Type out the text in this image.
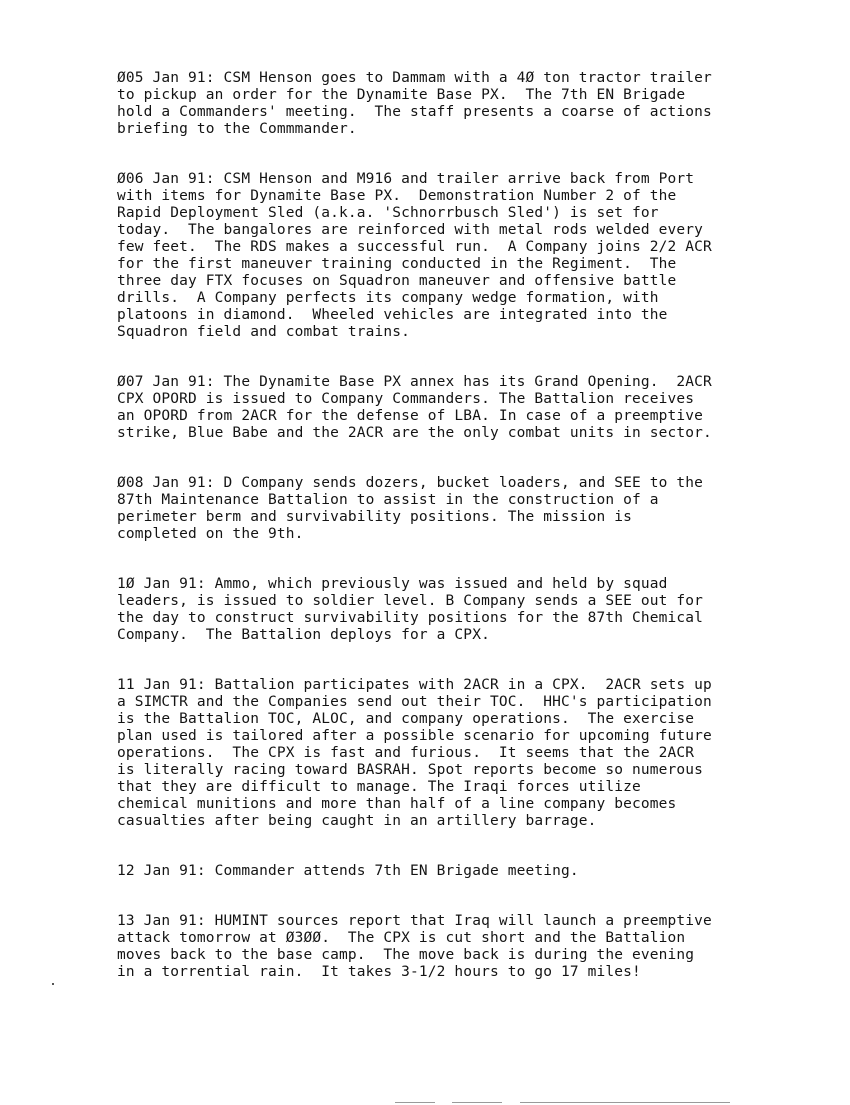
Ø05 Jan 91: CSM Henson goes to Dammam with a 4Ø ton tractor trailer
to pickup an order for the Dynamite Base PX.  The 7th EN Brigade
hold a Commanders' meeting.  The staff presents a coarse of actions
briefing to the Commmander.
Ø06 Jan 91: CSM Henson and M916 and trailer arrive back from Port
with items for Dynamite Base PX.  Demonstration Number 2 of the
Rapid Deployment Sled (a.k.a. 'Schnorrbusch Sled') is set for
today.  The bangalores are reinforced with metal rods welded every
few feet.  The RDS makes a successful run.  A Company joins 2/2 ACR
for the first maneuver training conducted in the Regiment.  The
three day FTX focuses on Squadron maneuver and offensive battle
drills.  A Company perfects its company wedge formation, with
platoons in diamond.  Wheeled vehicles are integrated into the
Squadron field and combat trains.
Ø07 Jan 91: The Dynamite Base PX annex has its Grand Opening.  2ACR
CPX OPORD is issued to Company Commanders. The Battalion receives
an OPORD from 2ACR for the defense of LBA. In case of a preemptive
strike, Blue Babe and the 2ACR are the only combat units in sector.
Ø08 Jan 91: D Company sends dozers, bucket loaders, and SEE to the
87th Maintenance Battalion to assist in the construction of a
perimeter berm and survivability positions. The mission is
completed on the 9th.
1Ø Jan 91: Ammo, which previously was issued and held by squad
leaders, is issued to soldier level. B Company sends a SEE out for
the day to construct survivability positions for the 87th Chemical
Company.  The Battalion deploys for a CPX.
11 Jan 91: Battalion participates with 2ACR in a CPX.  2ACR sets up
a SIMCTR and the Companies send out their TOC.  HHC's participation
is the Battalion TOC, ALOC, and company operations.  The exercise
plan used is tailored after a possible scenario for upcoming future
operations.  The CPX is fast and furious.  It seems that the 2ACR
is literally racing toward BASRAH. Spot reports become so numerous
that they are difficult to manage. The Iraqi forces utilize
chemical munitions and more than half of a line company becomes
casualties after being caught in an artillery barrage.
12 Jan 91: Commander attends 7th EN Brigade meeting.
13 Jan 91: HUMINT sources report that Iraq will launch a preemptive
attack tomorrow at Ø3ØØ.  The CPX is cut short and the Battalion
moves back to the base camp.  The move back is during the evening
in a torrential rain.  It takes 3-1/2 hours to go 17 miles!
